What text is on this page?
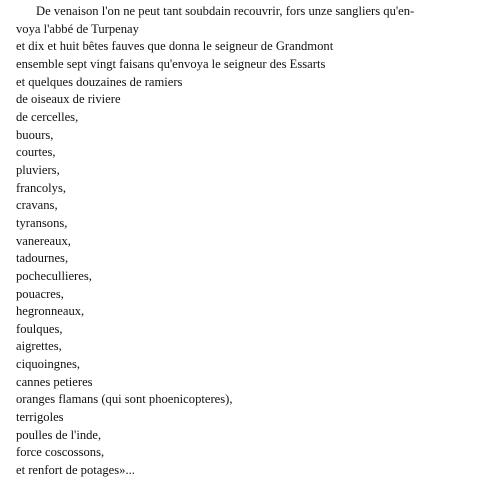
De venaison l'on ne peut tant soubdain recouvrir, fors unze sangliers qu'en-
voya l'abbé de Turpenay
et dix et huit bêtes fauves que donna le seigneur de Grandmont
ensemble sept vingt faisans qu'envoya le seigneur des Essarts
et quelques douzaines de ramiers
de oiseaux de riviere
de cercelles,
buours,
courtes,
pluviers,
francolys,
cravans,
tyransons,
vanereaux,
tadournes,
pochecullieres,
pouacres,
hegronneaux,
foulques,
aigrettes,
ciquoingnes,
cannes petieres
oranges flamans (qui sont phoenicopteres),
terrigoles
poulles de l'inde,
force coscossons,
et renfort de potages»...
